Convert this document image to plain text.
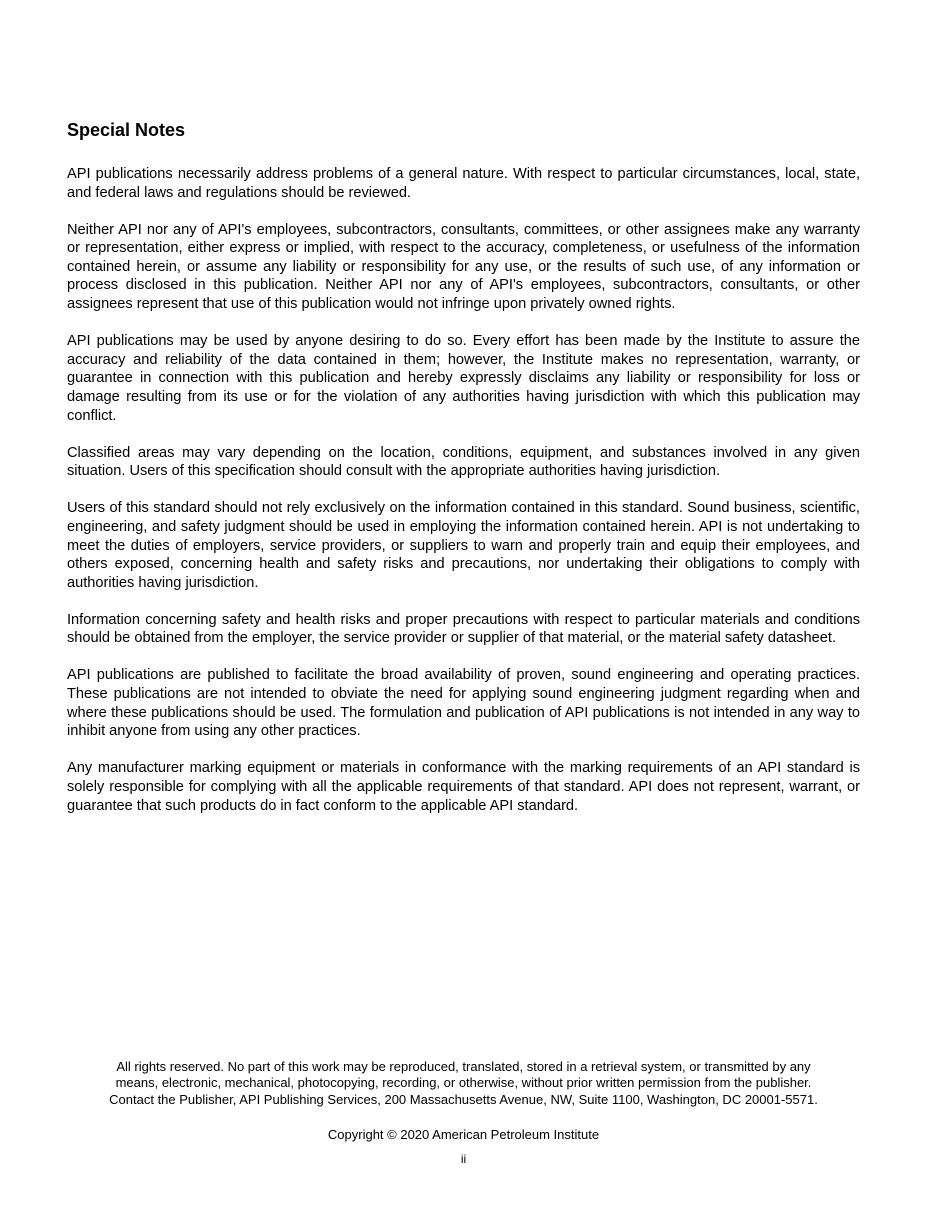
Special Notes

API publications necessarily address problems of a general nature. With respect to particular circumstances, local, state, and federal laws and regulations should be reviewed.

Neither API nor any of API's employees, subcontractors, consultants, committees, or other assignees make any warranty or representation, either express or implied, with respect to the accuracy, completeness, or usefulness of the information contained herein, or assume any liability or responsibility for any use, or the results of such use, of any information or process disclosed in this publication. Neither API nor any of API's employees, subcontractors, consultants, or other assignees represent that use of this publication would not infringe upon privately owned rights.

API publications may be used by anyone desiring to do so. Every effort has been made by the Institute to assure the accuracy and reliability of the data contained in them; however, the Institute makes no representation, warranty, or guarantee in connection with this publication and hereby expressly disclaims any liability or responsibility for loss or damage resulting from its use or for the violation of any authorities having jurisdiction with which this publication may conflict.

Classified areas may vary depending on the location, conditions, equipment, and substances involved in any given situation. Users of this specification should consult with the appropriate authorities having jurisdiction.

Users of this standard should not rely exclusively on the information contained in this standard. Sound business, scientific, engineering, and safety judgment should be used in employing the information contained herein. API is not undertaking to meet the duties of employers, service providers, or suppliers to warn and properly train and equip their employees, and others exposed, concerning health and safety risks and precautions, nor undertaking their obligations to comply with authorities having jurisdiction.

Information concerning safety and health risks and proper precautions with respect to particular materials and conditions should be obtained from the employer, the service provider or supplier of that material, or the material safety datasheet.

API publications are published to facilitate the broad availability of proven, sound engineering and operating practices. These publications are not intended to obviate the need for applying sound engineering judgment regarding when and where these publications should be used. The formulation and publication of API publications is not intended in any way to inhibit anyone from using any other practices.

Any manufacturer marking equipment or materials in conformance with the marking requirements of an API standard is solely responsible for complying with all the applicable requirements of that standard. API does not represent, warrant, or guarantee that such products do in fact conform to the applicable API standard.

All rights reserved. No part of this work may be reproduced, translated, stored in a retrieval system, or transmitted by any
means, electronic, mechanical, photocopying, recording, or otherwise, without prior written permission from the publisher.
Contact the Publisher, API Publishing Services, 200 Massachusetts Avenue, NW, Suite 1100, Washington, DC 20001-5571.

Copyright © 2020 American Petroleum Institute

ii
